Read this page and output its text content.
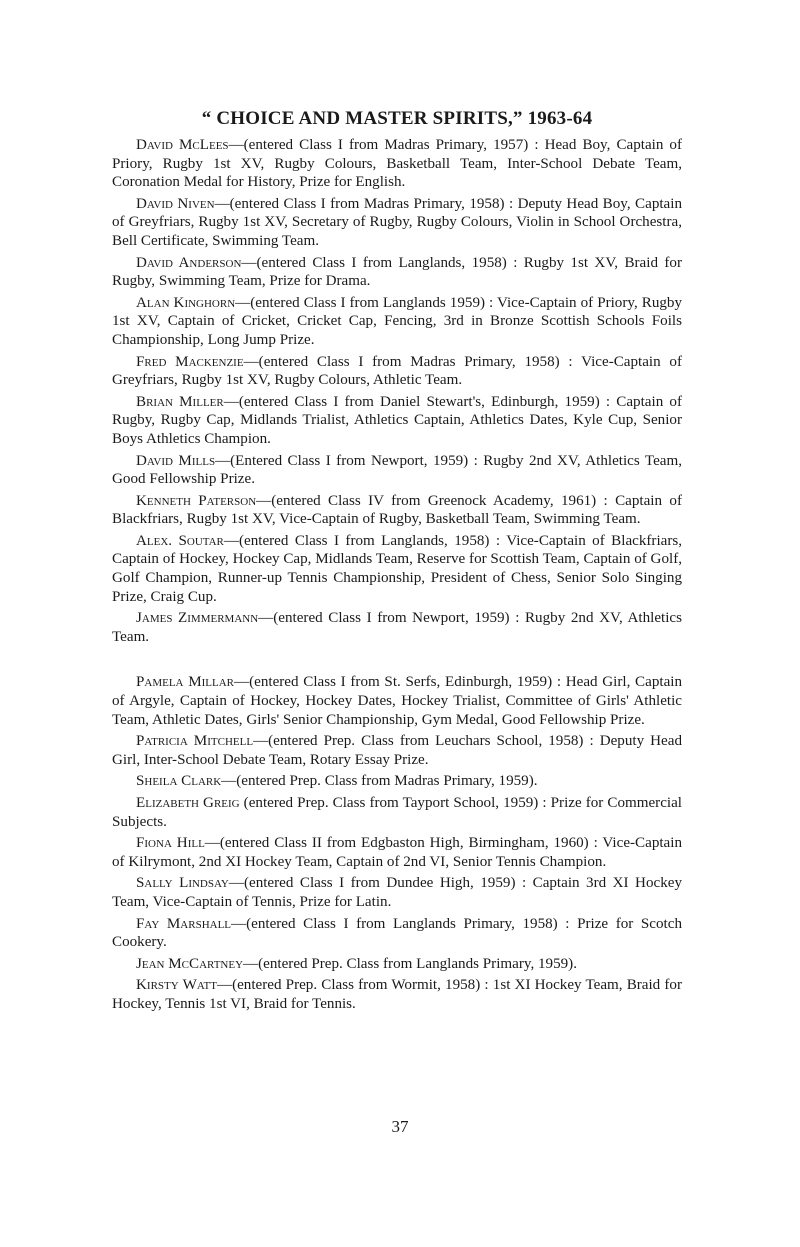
“ CHOICE AND MASTER SPIRITS,” 1963-64

David McLees—(entered Class I from Madras Primary, 1957) : Head Boy, Captain of Priory, Rugby 1st XV, Rugby Colours, Basketball Team, Inter-School Debate Team, Coronation Medal for History, Prize for English.

David Niven—(entered Class I from Madras Primary, 1958) : Deputy Head Boy, Captain of Greyfriars, Rugby 1st XV, Secretary of Rugby, Rugby Colours, Violin in School Orchestra, Bell Certificate, Swimming Team.

David Anderson—(entered Class I from Langlands, 1958) : Rugby 1st XV, Braid for Rugby, Swimming Team, Prize for Drama.

Alan Kinghorn—(entered Class I from Langlands 1959) : Vice-Captain of Priory, Rugby 1st XV, Captain of Cricket, Cricket Cap, Fencing, 3rd in Bronze Scottish Schools Foils Championship, Long Jump Prize.

Fred Mackenzie—(entered Class I from Madras Primary, 1958) : Vice-Captain of Greyfriars, Rugby 1st XV, Rugby Colours, Athletic Team.

Brian Miller—(entered Class I from Daniel Stewart's, Edinburgh, 1959) : Captain of Rugby, Rugby Cap, Midlands Trialist, Athletics Captain, Athletics Dates, Kyle Cup, Senior Boys Athletics Champion.

David Mills—(Entered Class I from Newport, 1959) : Rugby 2nd XV, Athletics Team, Good Fellowship Prize.

Kenneth Paterson—(entered Class IV from Greenock Academy, 1961) : Captain of Blackfriars, Rugby 1st XV, Vice-Captain of Rugby, Basketball Team, Swimming Team.

Alex. Soutar—(entered Class I from Langlands, 1958) : Vice-Captain of Blackfriars, Captain of Hockey, Hockey Cap, Midlands Team, Reserve for Scottish Team, Captain of Golf, Golf Champion, Runner-up Tennis Championship, President of Chess, Senior Solo Singing Prize, Craig Cup.

James Zimmermann—(entered Class I from Newport, 1959) : Rugby 2nd XV, Athletics Team.

Pamela Millar—(entered Class I from St. Serfs, Edinburgh, 1959) : Head Girl, Captain of Argyle, Captain of Hockey, Hockey Dates, Hockey Trialist, Committee of Girls' Athletic Team, Athletic Dates, Girls' Senior Championship, Gym Medal, Good Fellowship Prize.

Patricia Mitchell—(entered Prep. Class from Leuchars School, 1958) : Deputy Head Girl, Inter-School Debate Team, Rotary Essay Prize.

Sheila Clark—(entered Prep. Class from Madras Primary, 1959).

Elizabeth Greig (entered Prep. Class from Tayport School, 1959) : Prize for Commercial Subjects.

Fiona Hill—(entered Class II from Edgbaston High, Birmingham, 1960) : Vice-Captain of Kilrymont, 2nd XI Hockey Team, Captain of 2nd VI, Senior Tennis Champion.

Sally Lindsay—(entered Class I from Dundee High, 1959) : Captain 3rd XI Hockey Team, Vice-Captain of Tennis, Prize for Latin.

Fay Marshall—(entered Class I from Langlands Primary, 1958) : Prize for Scotch Cookery.

Jean McCartney—(entered Prep. Class from Langlands Primary, 1959).

Kirsty Watt—(entered Prep. Class from Wormit, 1958) : 1st XI Hockey Team, Braid for Hockey, Tennis 1st VI, Braid for Tennis.

37
